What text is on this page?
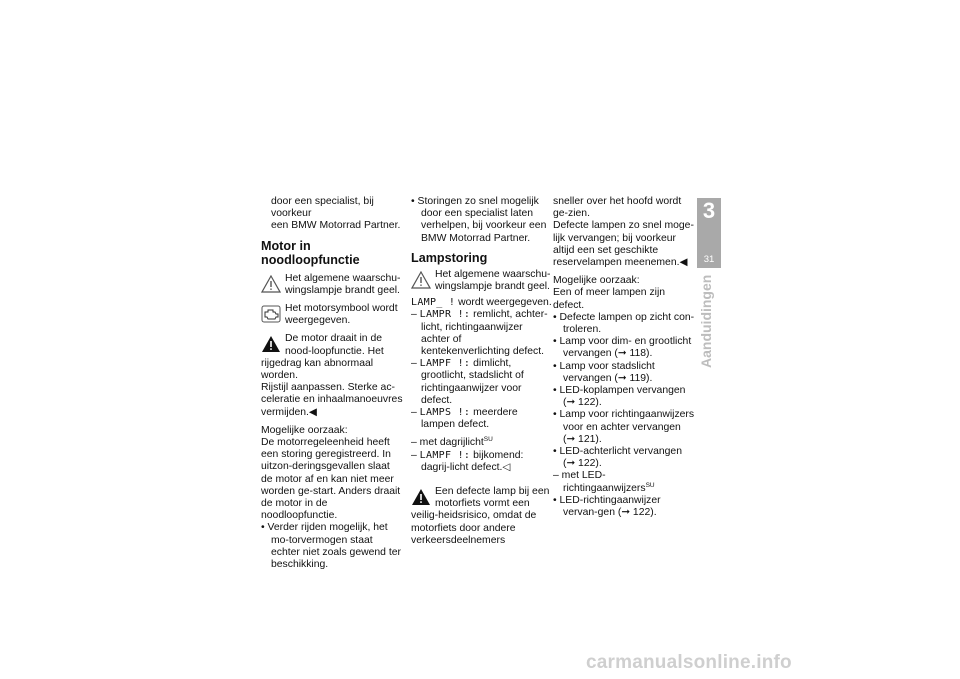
door een specialist, bij voorkeur

een BMW Motorrad Partner.

Motor in noodloopfunctie

Het algemene waarschu-wingslampje brandt geel.

Het motorsymbool wordt weergegeven.

De motor draait in de nood-loopfunctie. Het rijgedrag kan abnormaal worden.

Rijstijl aanpassen. Sterke ac-celeratie en inhaalmanoeuvres vermijden.◀

Mogelijke oorzaak:

De motorregeleenheid heeft een storing geregistreerd. In uitzon-deringsgevallen slaat de motor af en kan niet meer worden ge-start. Anders draait de motor in de noodloopfunctie.

• Verder rijden mogelijk, het mo-torvermogen staat echter niet zoals gewend ter beschikking.

• Storingen zo snel mogelijk door een specialist laten verhelpen, bij voorkeur een BMW Motorrad Partner.

Lampstoring

Het algemene waarschu-wingslampje brandt geel.

LAMP_ ! wordt weergegeven.

– LAMPR !: remlicht, achter-licht, richtingaanwijzer achter of kentekenverlichting defect.

– LAMPF !: dimlicht, grootlicht, stadslicht of richtingaanwijzer voor defect.

– LAMPS !: meerdere lampen defect.

– met dagrijlicht$^{SU}$

– LAMPF !: bijkomend: dagrij-licht defect.◁

Een defecte lamp bij een motorfiets vormt een veilig-heidsrisico, omdat de motorfiets door andere verkeersdeelnemers

sneller over het hoofd wordt ge-zien.

Defecte lampen zo snel moge-lijk vervangen; bij voorkeur altijd een set geschikte reservelampen meenemen.◀

Mogelijke oorzaak:

Een of meer lampen zijn defect.

• Defecte lampen op zicht con-troleren.

• Lamp voor dim- en grootlicht vervangen (➞ 118).

• Lamp voor stadslicht vervangen (➞ 119).

• LED-koplampen vervangen (➞ 122).

• Lamp voor richtingaanwijzers voor en achter vervangen (➞ 121).

• LED-achterlicht vervangen (➞ 122).

– met LED-richtingaanwijzers$^{SU}$

• LED-richtingaanwijzer vervan-gen (➞ 122).

3
31
Aanduidingen
carmanualsonline.info
